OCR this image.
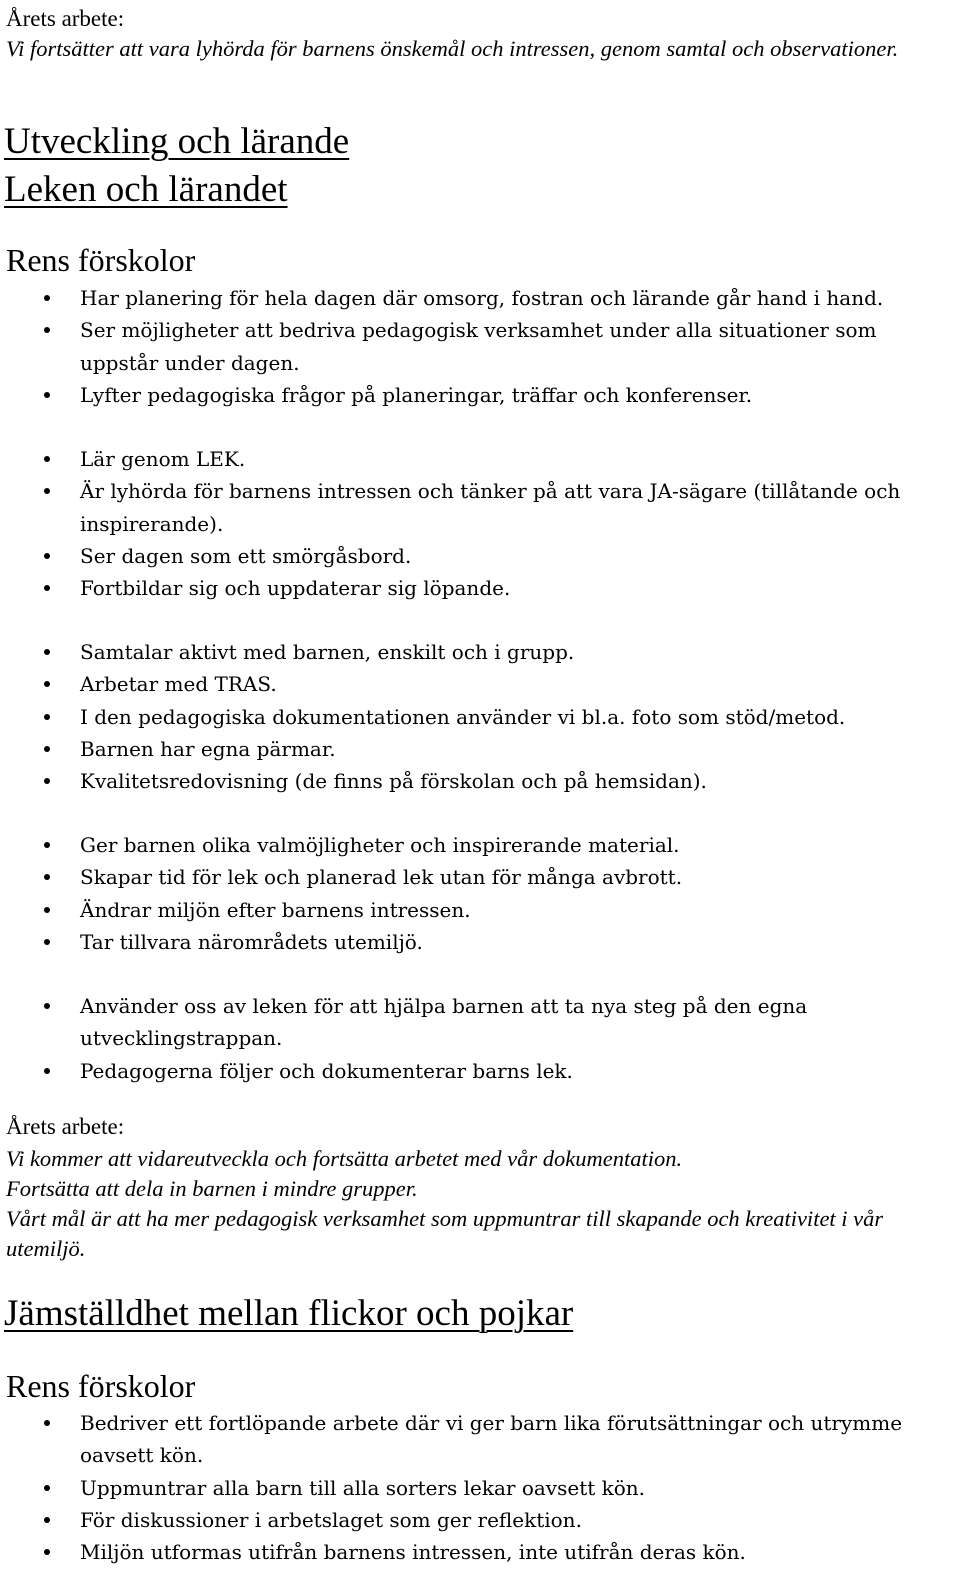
Årets arbete:
Vi fortsätter att vara lyhörda för barnens önskemål och intressen, genom samtal och observationer.
Utveckling och lärande
Leken och lärandet
Rens förskolor
Har planering för hela dagen där omsorg, fostran och lärande går hand i hand.
Ser möjligheter att bedriva pedagogisk verksamhet under alla situationer som uppstår under dagen.
Lyfter pedagogiska frågor på planeringar, träffar och konferenser.
Lär genom LEK.
Är lyhörda för barnens intressen och tänker på att vara JA-sägare (tillåtande och inspirerande).
Ser dagen som ett smörgåsbord.
Fortbildar sig och uppdaterar sig löpande.
Samtalar aktivt med barnen, enskilt och i grupp.
Arbetar med TRAS.
I den pedagogiska dokumentationen använder vi bl.a. foto som stöd/metod.
Barnen har egna pärmar.
Kvalitetsredovisning (de finns på förskolan och på hemsidan).
Ger barnen olika valmöjligheter och inspirerande material.
Skapar tid för lek och planerad lek utan för många avbrott.
Ändrar miljön efter barnens intressen.
Tar tillvara närområdets utemiljö.
Använder oss av leken för att hjälpa barnen att ta nya steg på den egna utvecklingstrappan.
Pedagogerna följer och dokumenterar barns lek.
Årets arbete:
Vi kommer att vidareutveckla och fortsätta arbetet med vår dokumentation.
Fortsätta att dela in barnen i mindre grupper.
Vårt mål är att ha mer pedagogisk verksamhet som uppmuntrar till skapande och kreativitet i vår utemiljö.
Jämställdhet mellan flickor och pojkar
Rens förskolor
Bedriver ett fortlöpande arbete där vi ger barn lika förutsättningar och utrymme oavsett kön.
Uppmuntrar alla barn till alla sorters lekar oavsett kön.
För diskussioner i arbetslaget som ger reflektion.
Miljön utformas utifrån barnens intressen, inte utifrån deras kön.
